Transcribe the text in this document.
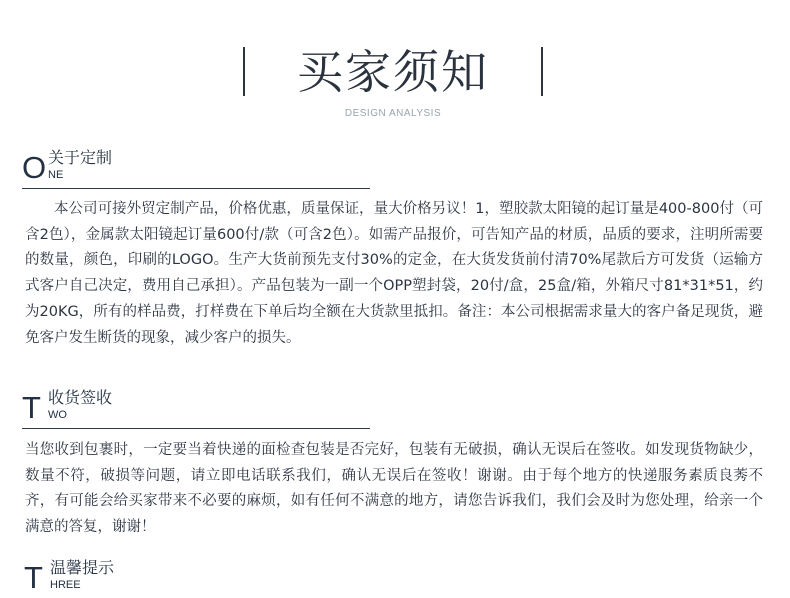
买家须知
DESIGN ANALYSIS
O 关于定制
NE

本公司可接外贸定制产品，价格优惠，质量保证，量大价格另议！1，塑胶款太阳镜的起订量是400-800付（可含2色），金属款太阳镜起订量600付/款（可含2色）。如需产品报价，可告知产品的材质，品质的要求，注明所需要的数量，颜色，印刷的LOGO。生产大货前预先支付30%的定金，在大货发货前付清70%尾款后方可发货（运输方式客户自己决定，费用自己承担）。产品包装为一副一个OPP塑封袋，20付/盒，25盒/箱，外箱尺寸81*31*51，约为20KG，所有的样品费，打样费在下单后均全额在大货款里抵扣。备注：本公司根据需求量大的客户备足现货，避免客户发生断货的现象，减少客户的损失。

T 收货签收
WO

当您收到包裹时，一定要当着快递的面检查包装是否完好，包装有无破损，确认无误后在签收。如发现货物缺少，数量不符，破损等问题，请立即电话联系我们，确认无误后在签收！谢谢。由于每个地方的快递服务素质良莠不齐，有可能会给买家带来不必要的麻烦，如有任何不满意的地方，请您告诉我们，我们会及时为您处理，给亲一个满意的答复，谢谢！

T 温馨提示
HREE
